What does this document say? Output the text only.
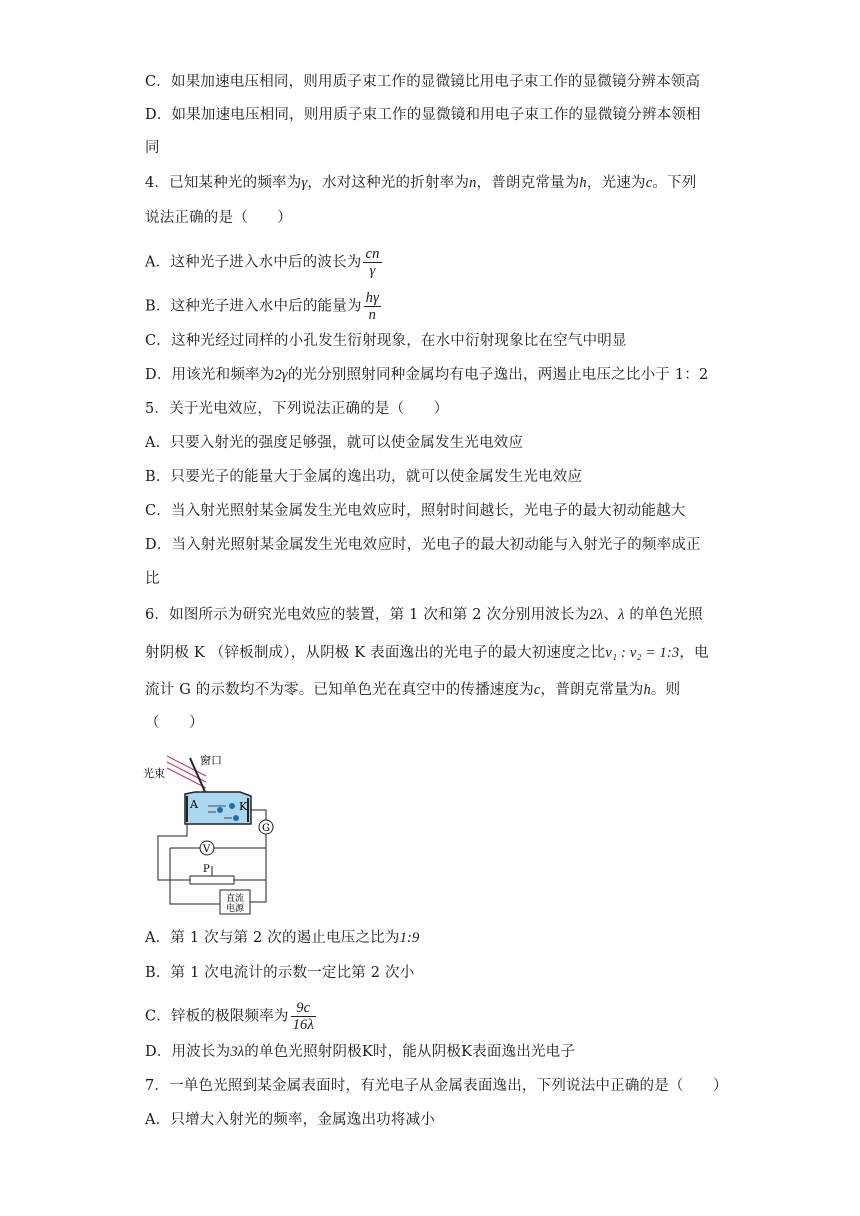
C．如果加速电压相同，则用质子束工作的显微镜比用电子束工作的显微镜分辨本领高
D．如果加速电压相同，则用质子束工作的显微镜和用电子束工作的显微镜分辨本领相
同
4．已知某种光的频率为γ，水对这种光的折射率为n，普朗克常量为h，光速为c。下列
说法正确的是（　　）
A．这种光子进入水中后的波长为 $\frac{cn}{\gamma}$
B．这种光子进入水中后的能量为 $\frac{h\gamma}{n}$
C．这种光经过同样的小孔发生衍射现象，在水中衍射现象比在空气中明显
D．用该光和频率为2γ的光分别照射同种金属均有电子逸出，两遏止电压之比小于 1：2
5．关于光电效应，下列说法正确的是（　　）
A．只要入射光的强度足够强，就可以使金属发生光电效应
B．只要光子的能量大于金属的逸出功，就可以使金属发生光电效应
C．当入射光照射某金属发生光电效应时，照射时间越长，光电子的最大初动能越大
D．当入射光照射某金属发生光电效应时，光电子的最大初动能与入射光子的频率成正
比
6．如图所示为研究光电效应的装置，第 1 次和第 2 次分别用波长为2λ、λ 的单色光照
射阴极 K （锌板制成），从阴极 K 表面逸出的光电子的最大初速度之比v₁ : v₂ = 1:3，电
流计 G 的示数均不为零。已知单色光在真空中的传播速度为c，普朗克常量为h。则
（　　）
光束
窗口
A	K
G
V
P
直流
电源
A．第 1 次与第 2 次的遏止电压之比为1:9
B．第 1 次电流计的示数一定比第 2 次小
C．锌板的极限频率为 $\frac{9c}{16\lambda}$
D．用波长为3λ的单色光照射阴极K时，能从阴极K表面逸出光电子
7．一单色光照到某金属表面时，有光电子从金属表面逸出，下列说法中正确的是（　　）
A．只增大入射光的频率，金属逸出功将减小
